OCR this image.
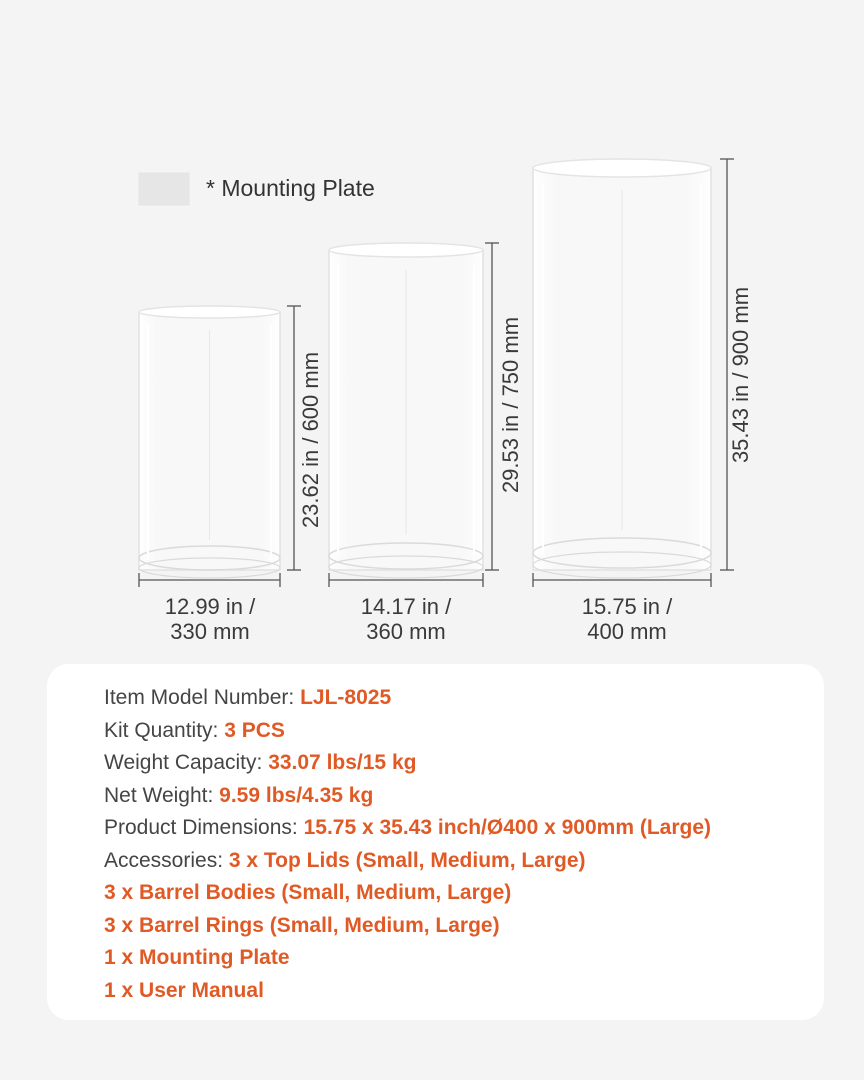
* Mounting Plate
12.99 in /
330 mm
14.17 in /
360 mm
15.75 in /
400 mm
23.62 in / 600 mm	29.53 in / 750 mm	35.43 in / 900 mm
Item Model Number: LJL-8025
Kit Quantity: 3 PCS
Weight Capacity: 33.07 lbs/15 kg
Net Weight: 9.59 lbs/4.35 kg
Product Dimensions: 15.75 x 35.43 inch/Ø400 x 900mm (Large)
Accessories: 3 x Top Lids (Small, Medium, Large)
3 x Barrel Bodies (Small, Medium, Large)
3 x Barrel Rings (Small, Medium, Large)
1 x Mounting Plate
1 x User Manual
